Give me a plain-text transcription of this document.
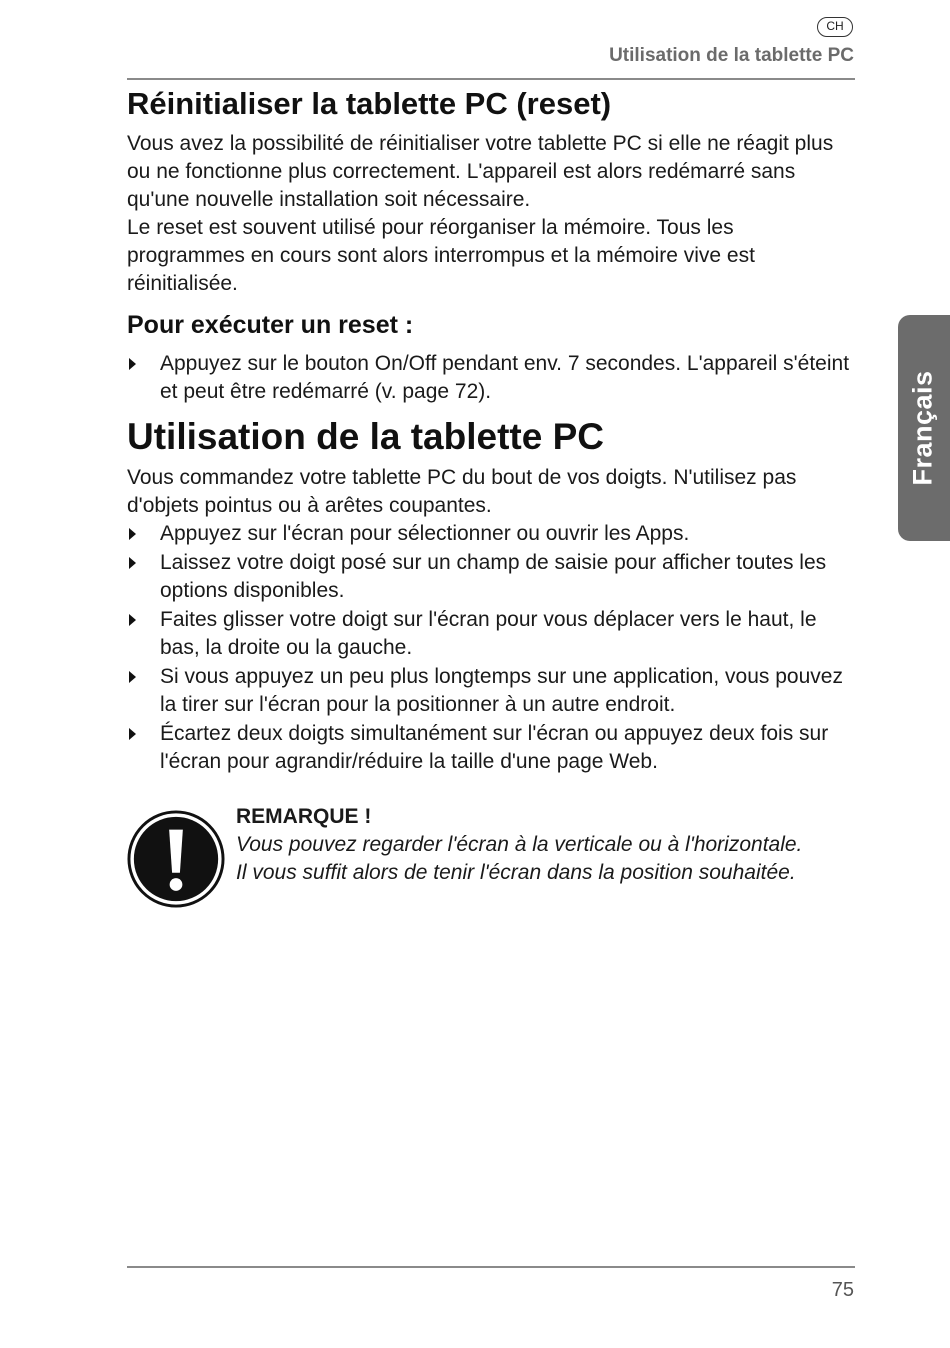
CH
Utilisation de la tablette PC
Français
Réinitialiser la tablette PC (reset)

Vous avez la possibilité de réinitialiser votre tablette PC si elle ne réagit plus ou ne fonctionne plus correctement. L'appareil est alors redémarré sans qu'une nouvelle installation soit nécessaire.

Le reset est souvent utilisé pour réorganiser la mémoire. Tous les programmes en cours sont alors interrompus et la mémoire vive est réinitialisée.

Pour exécuter un reset :
Appuyez sur le bouton On/Off pendant env. 7 secondes. L'appareil s'éteint et peut être redémarré (v. page 72).
Utilisation de la tablette PC

Vous commandez votre tablette PC du bout de vos doigts. N'utilisez pas d'objets pointus ou à arêtes coupantes.

Appuyez sur l'écran pour sélectionner ou ouvrir les Apps.
Laissez votre doigt posé sur un champ de saisie pour afficher toutes les options disponibles.
Faites glisser votre doigt sur l'écran pour vous déplacer vers le haut, le bas, la droite ou la gauche.
Si vous appuyez un peu plus longtemps sur une application, vous pouvez la tirer sur l'écran pour la positionner à un autre endroit.
Écartez deux doigts simultanément sur l'écran ou appuyez deux fois sur l'écran pour agrandir/réduire la taille d'une page Web.
REMARQUE !
Vous pouvez regarder l'écran à la verticale ou à l'horizontale.
Il vous suffit alors de tenir l'écran dans la position souhaitée.
75
